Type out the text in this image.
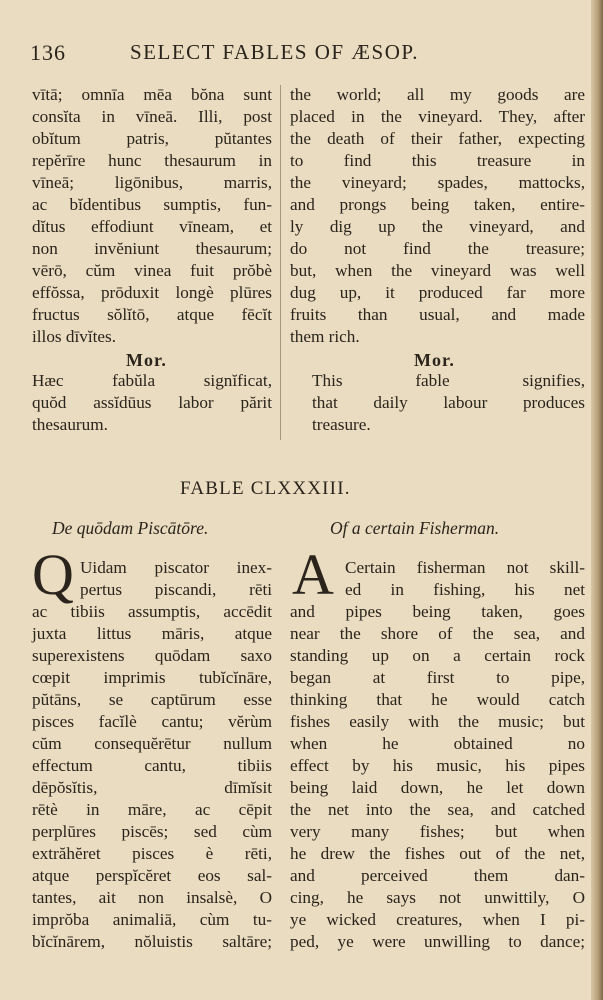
136	SELECT FABLES OF ÆSOP.
vītā; omnīa mēa bŏna sunt
consĭta in vīneā. Illi, post
obĭtum patris, pŭtantes
repĕrīre hunc thesaurum in
vīneā; ligōnibus, marris,
ac bĭdentibus sumptis, fun-
dĭtus effodiunt vīneam, et
non invĕniunt thesaurum;
vērō, cŭm vinea fuit prŏbè
effŏssa, prōduxit longè plūres
fructus sŏlĭtō, atque fēcĭt
illos dīvĭtes.
the world; all my goods are
placed in the vineyard. They, after
the death of their father, expecting
to find this treasure in
the vineyard; spades, mattocks,
and prongs being taken, entire-
ly dig up the vineyard, and
do not find the treasure;
but, when the vineyard was well
dug up, it produced far more
fruits than usual, and made
them rich.
Mor.	Mor.
Hæc fabŭla signĭficat,
quŏd assĭdūus labor părit
thesaurum.
This fable signifies,
that daily labour produces
treasure.
FABLE CLXXXIII.
De quōdam Piscātōre.	Of a certain Fisherman.
Q	A
Uidam piscator inex-
pertus piscandi, rēti
Certain fisherman not skill-
ed in fishing, his net
ac tibiis assumptis, accēdit
juxta littus māris, atque
superexistens quōdam saxo
cœpit imprimis tubĭcĭnāre,
pŭtāns, se captūrum esse
pisces facĭlè cantu; vĕrùm
cŭm consequĕrētur nullum
effectum cantu, tibiis
dēpŏsĭtis, dīmĭsit
rētè in māre, ac cēpit
perplūres piscēs; sed cùm
extrăhĕret pisces è rēti,
atque perspĭcĕret eos sal-
tantes, ait non insalsè, O
imprŏba animaliā, cùm tu-
bĭcĭnārem, nŏluistis saltāre;
and pipes being taken, goes
near the shore of the sea, and
standing up on a certain rock
began at first to pipe,
thinking that he would catch
fishes easily with the music; but
when he obtained no
effect by his music, his pipes
being laid down, he let down
the net into the sea, and catched
very many fishes; but when
he drew the fishes out of the net,
and perceived them dan-
cing, he says not unwittily, O
ye wicked creatures, when I pi-
ped, ye were unwilling to dance;
